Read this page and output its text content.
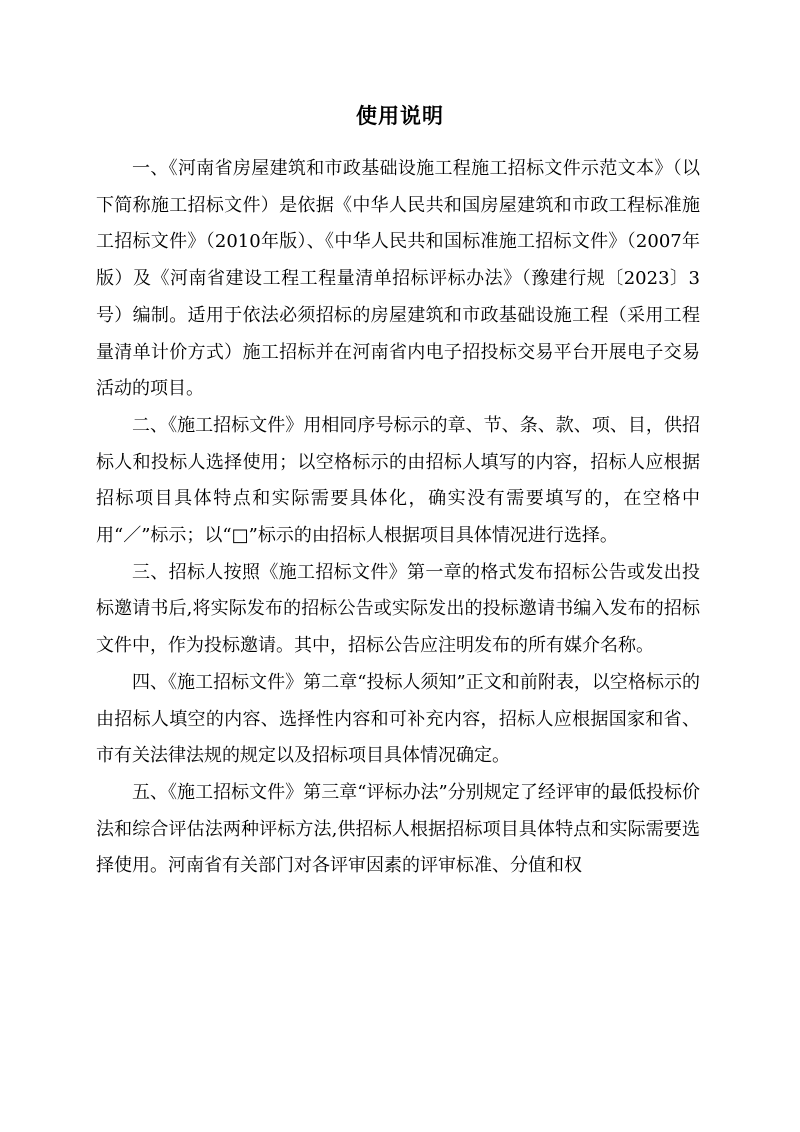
使用说明

一、《河南省房屋建筑和市政基础设施工程施工招标文件示范文本》（以下简称施工招标文件）是依据《中华人民共和国房屋建筑和市政工程标准施工招标文件》（2010年版）、《中华人民共和国标准施工招标文件》（2007年版）及《河南省建设工程工程量清单招标评标办法》（豫建行规〔2023〕3号）编制。适用于依法必须招标的房屋建筑和市政基础设施工程（采用工程量清单计价方式）施工招标并在河南省内电子招投标交易平台开展电子交易活动的项目。

二、《施工招标文件》用相同序号标示的章、节、条、款、项、目，供招标人和投标人选择使用；以空格标示的由招标人填写的内容，招标人应根据招标项目具体特点和实际需要具体化，确实没有需要填写的，在空格中用“／”标示；以“□”标示的由招标人根据项目具体情况进行选择。

三、招标人按照《施工招标文件》第一章的格式发布招标公告或发出投标邀请书后,将实际发布的招标公告或实际发出的投标邀请书编入发布的招标文件中，作为投标邀请。其中，招标公告应注明发布的所有媒介名称。

四、《施工招标文件》第二章“投标人须知”正文和前附表，以空格标示的由招标人填空的内容、选择性内容和可补充内容，招标人应根据国家和省、市有关法律法规的规定以及招标项目具体情况确定。

五、《施工招标文件》第三章“评标办法”分别规定了经评审的最低投标价法和综合评估法两种评标方法,供招标人根据招标项目具体特点和实际需要选择使用。河南省有关部门对各评审因素的评审标准、分值和权
